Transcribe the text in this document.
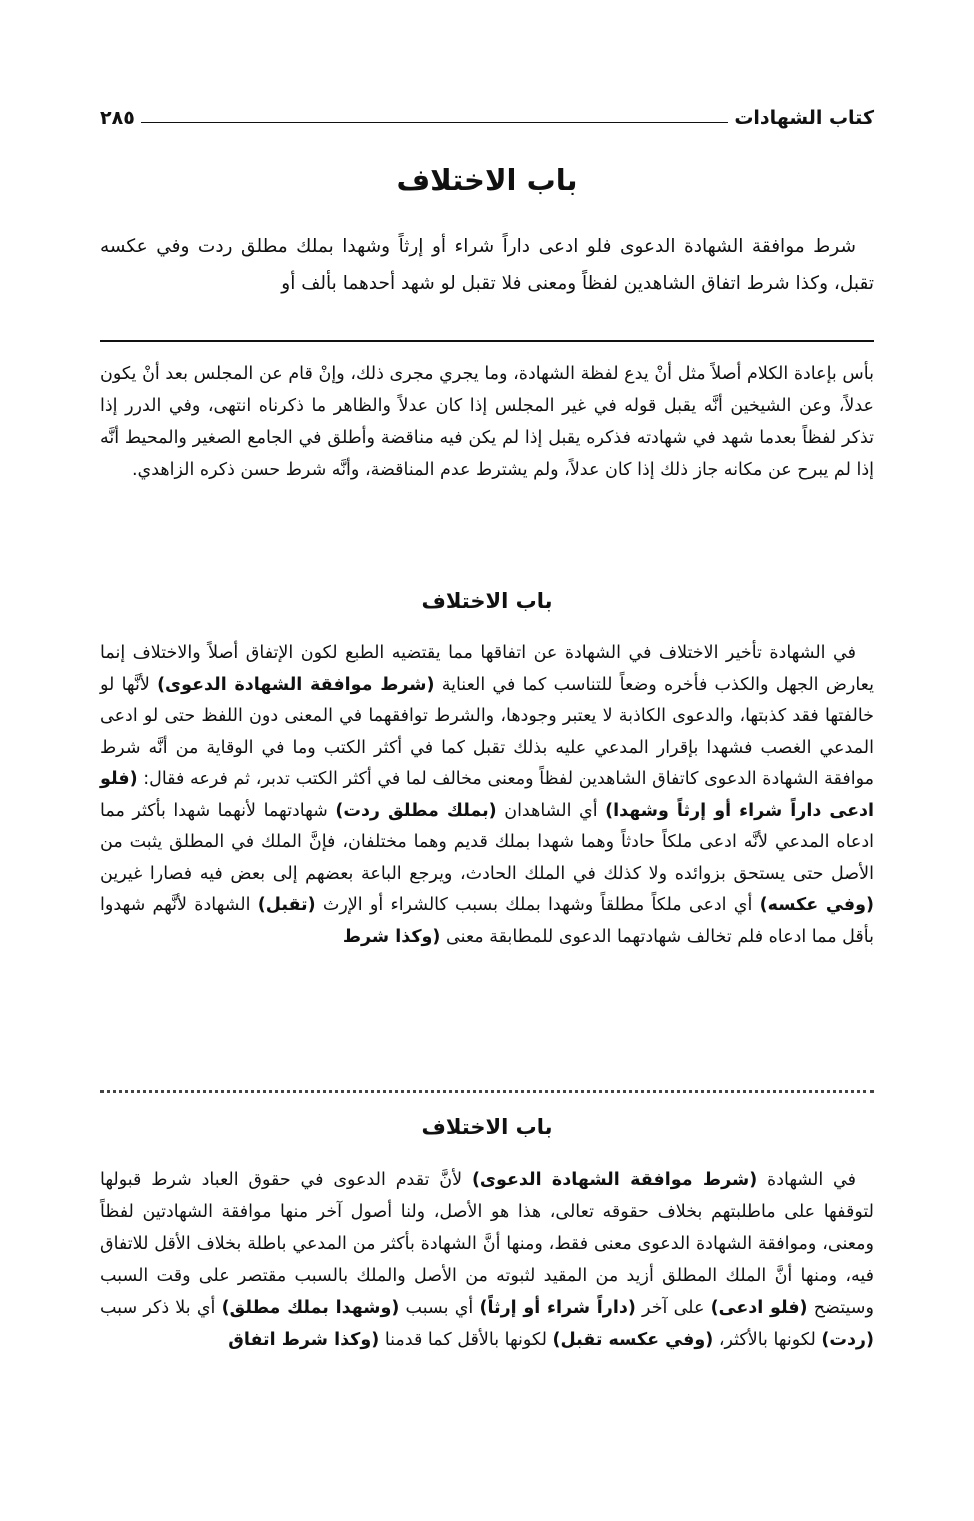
كتاب الشهادات
٢٨٥
باب الاختلاف

شرط موافقة الشهادة الدعوى فلو ادعى داراً شراء أو إرثاً وشهدا بملك مطلق ردت وفي عكسه تقبل، وكذا شرط اتفاق الشاهدين لفظاً ومعنى فلا تقبل لو شهد أحدهما بألف أو

بأس بإعادة الكلام أصلاً مثل أنْ يدع لفظة الشهادة، وما يجري مجرى ذلك، وإنْ قام عن المجلس بعد أنْ يكون عدلاً، وعن الشيخين أنَّه يقبل قوله في غير المجلس إذا كان عدلاً والظاهر ما ذكرناه انتهى، وفي الدرر إذا تذكر لفظاً بعدما شهد في شهادته فذكره يقبل إذا لم يكن فيه مناقضة وأطلق في الجامع الصغير والمحيط أنَّه إذا لم يبرح عن مكانه جاز ذلك إذا كان عدلاً، ولم يشترط عدم المناقضة، وأنَّه شرط حسن ذكره الزاهدي.

باب الاختلاف

في الشهادة تأخير الاختلاف في الشهادة عن اتفاقها مما يقتضيه الطبع لكون الإتفاق أصلاً والاختلاف إنما يعارض الجهل والكذب فأخره وضعاً للتناسب كما في العناية (شرط موافقة الشهادة الدعوى) لأنَّها لو خالفتها فقد كذبتها، والدعوى الكاذبة لا يعتبر وجودها، والشرط توافقهما في المعنى دون اللفظ حتى لو ادعى المدعي الغصب فشهدا بإقرار المدعي عليه بذلك تقبل كما في أكثر الكتب وما في الوقاية من أنَّه شرط موافقة الشهادة الدعوى كاتفاق الشاهدين لفظاً ومعنى مخالف لما في أكثر الكتب تدبر، ثم فرعه فقال: (فلو ادعى داراً شراء أو إرثاً وشهدا) أي الشاهدان (بملك مطلق ردت) شهادتهما لأنهما شهدا بأكثر مما ادعاه المدعي لأنَّه ادعى ملكاً حادثاً وهما شهدا بملك قديم وهما مختلفان، فإنَّ الملك في المطلق يثبت من الأصل حتى يستحق بزوائده ولا كذلك في الملك الحادث، ويرجع الباعة بعضهم إلى بعض فيه فصارا غيرين (وفي عكسه) أي ادعى ملكاً مطلقاً وشهدا بملك بسبب كالشراء أو الإرث (تقبل) الشهادة لأنَّهم شهدوا بأقل مما ادعاه فلم تخالف شهادتهما الدعوى للمطابقة معنى (وكذا شرط

باب الاختلاف

في الشهادة (شرط موافقة الشهادة الدعوى) لأنَّ تقدم الدعوى في حقوق العباد شرط قبولها لتوقفها على ماطلبتهم بخلاف حقوقه تعالى، هذا هو الأصل، ولنا أصول آخر منها موافقة الشهادتين لفظاً ومعنى، وموافقة الشهادة الدعوى معنى فقط، ومنها أنَّ الشهادة بأكثر من المدعي باطلة بخلاف الأقل للاتفاق فيه، ومنها أنَّ الملك المطلق أزيد من المقيد لثبوته من الأصل والملك بالسبب مقتصر على وقت السبب وسيتضح (فلو ادعى) على آخر (داراً شراء أو إرثاً) أي بسبب (وشهدا بملك مطلق) أي بلا ذكر سبب (ردت) لكونها بالأكثر، (وفي عكسه تقبل) لكونها بالأقل كما قدمنا (وكذا شرط اتفاق
